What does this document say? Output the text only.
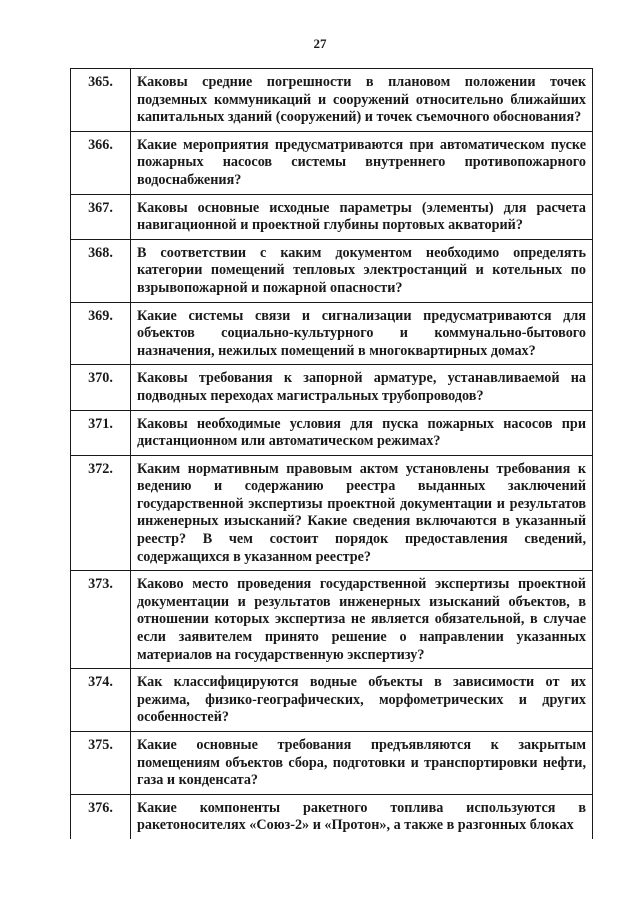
27
365.	Каковы средние погрешности в плановом положении точек подземных коммуникаций и сооружений относительно ближайших капитальных зданий (сооружений) и точек съемочного обоснования?
366.	Какие мероприятия предусматриваются при автоматическом пуске пожарных насосов системы внутреннего противопожарного водоснабжения?
367.	Каковы основные исходные параметры (элементы) для расчета навигационной и проектной глубины портовых акваторий?
368.	В соответствии с каким документом необходимо определять категории помещений тепловых электростанций и котельных по взрывопожарной и пожарной опасности?
369.	Какие системы связи и сигнализации предусматриваются для объектов социально-культурного и коммунально-бытового назначения, нежилых помещений в многоквартирных домах?
370.	Каковы требования к запорной арматуре, устанавливаемой на подводных переходах магистральных трубопроводов?
371.	Каковы необходимые условия для пуска пожарных насосов при дистанционном или автоматическом режимах?
372.	Каким нормативным правовым актом установлены требования к ведению и содержанию реестра выданных заключений государственной экспертизы проектной документации и результатов инженерных изысканий? Какие сведения включаются в указанный реестр? В чем состоит порядок предоставления сведений, содержащихся в указанном реестре?
373.	Каково место проведения государственной экспертизы проектной документации и результатов инженерных изысканий объектов, в отношении которых экспертиза не является обязательной, в случае если заявителем принято решение о направлении указанных материалов на государственную экспертизу?
374.	Как классифицируются водные объекты в зависимости от их режима, физико-географических, морфометрических и других особенностей?
375.	Какие основные требования предъявляются к закрытым помещениям объектов сбора, подготовки и транспортировки нефти, газа и конденсата?
376.	Какие компоненты ракетного топлива используются в ракетоносителях «Союз-2» и «Протон», а также в разгонных блоках
